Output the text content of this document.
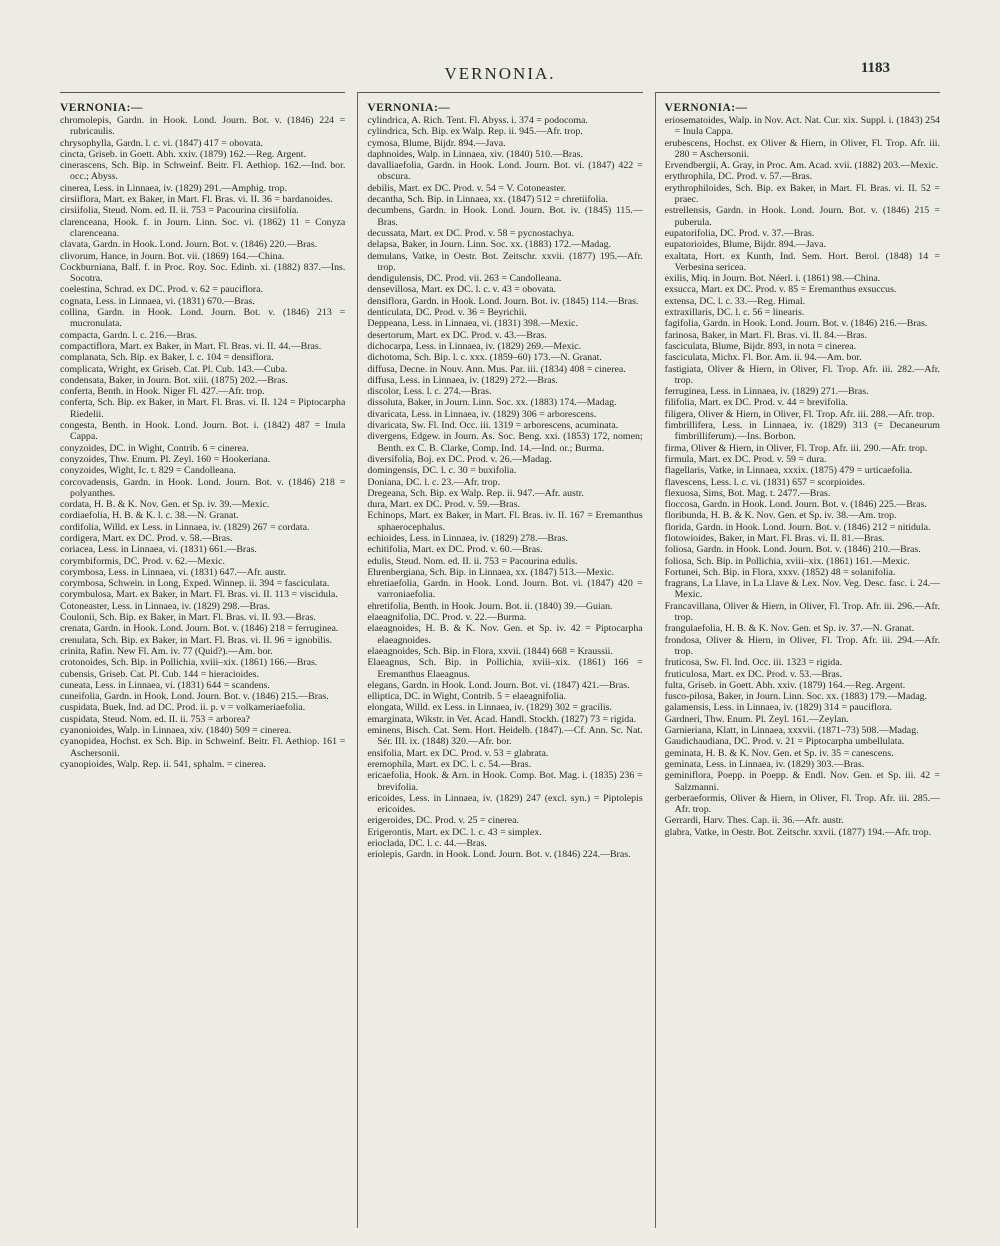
VERNONIA.	1183
VERNONIA:—

chromolepis, Gardn. in Hook. Lond. Journ. Bot. v. (1846) 224 = rubricaulis.

chrysophylla, Gardn. l. c. vi. (1847) 417 = obovata.

cincta, Griseb. in Goett. Abh. xxiv. (1879) 162.—Reg. Argent.

cinerascens, Sch. Bip. in Schweinf. Beitr. Fl. Aethiop. 162.—Ind. bor. occ.; Abyss.

cinerea, Less. in Linnaea, iv. (1829) 291.—Amphig. trop.

cirsiiflora, Mart. ex Baker, in Mart. Fl. Bras. vi. II. 36 = bardanoides.

cirsiifolia, Steud. Nom. ed. II. ii. 753 = Pacourina cirsiifolia.

clarenceana, Hook. f. in Journ. Linn. Soc. vi. (1862) 11 = Conyza clarenceana.

clavata, Gardn. in Hook. Lond. Journ. Bot. v. (1846) 220.—Bras.

clivorum, Hance, in Journ. Bot. vii. (1869) 164.—China.

Cockburniana, Balf. f. in Proc. Roy. Soc. Edinb. xi. (1882) 837.—Ins. Socotra.

coelestina, Schrad. ex DC. Prod. v. 62 = pauciflora.

cognata, Less. in Linnaea, vi. (1831) 670.—Bras.

collina, Gardn. in Hook. Lond. Journ. Bot. v. (1846) 213 = mucronulata.

compacta, Gardn. l. c. 216.—Bras.

compactiflora, Mart. ex Baker, in Mart. Fl. Bras. vi. II. 44.—Bras.

complanata, Sch. Bip. ex Baker, l. c. 104 = densiflora.

complicata, Wright, ex Griseb. Cat. Pl. Cub. 143.—Cuba.

condensata, Baker, in Journ. Bot. xiii. (1875) 202.—Bras.

conferta, Benth. in Hook. Niger Fl. 427.—Afr. trop.

conferta, Sch. Bip. ex Baker, in Mart. Fl. Bras. vi. II. 124 = Piptocarpha Riedelii.

congesta, Benth. in Hook. Lond. Journ. Bot. i. (1842) 487 = Inula Cappa.

conyzoides, DC. in Wight, Contrib. 6 = cinerea.

conyzoides, Thw. Enum. Pl. Zeyl. 160 = Hookeriana.

conyzoides, Wight, Ic. t. 829 = Candolleana.

corcovadensis, Gardn. in Hook. Lond. Journ. Bot. v. (1846) 218 = polyanthes.

cordata, H. B. & K. Nov. Gen. et Sp. iv. 39.—Mexic.

cordiaefolia, H. B. & K. l. c. 38.—N. Granat.

cordifolia, Willd. ex Less. in Linnaea, iv. (1829) 267 = cordata.

cordigera, Mart. ex DC. Prod. v. 58.—Bras.

coriacea, Less. in Linnaea, vi. (1831) 661.—Bras.

corymbiformis, DC. Prod. v. 62.—Mexic.

corymbosa, Less. in Linnaea, vi. (1831) 647.—Afr. austr.

corymbosa, Schwein. in Long, Exped. Winnep. ii. 394 = fasciculata.

corymbulosa, Mart. ex Baker, in Mart. Fl. Bras. vi. II. 113 = viscidula.

Cotoneaster, Less. in Linnaea, iv. (1829) 298.—Bras.

Coulonii, Sch. Bip. ex Baker, in Mart. Fl. Bras. vi. II. 93.—Bras.

crenata, Gardn. in Hook. Lond. Journ. Bot. v. (1846) 218 = ferruginea.

crenulata, Sch. Bip. ex Baker, in Mart. Fl. Bras. vi. II. 96 = ignobilis.

crinita, Rafin. New Fl. Am. iv. 77 (Quid?).—Am. bor.

crotonoides, Sch. Bip. in Pollichia, xviii–xix. (1861) 166.—Bras.

cubensis, Griseb. Cat. Pl. Cub. 144 = hieracioides.

cuneata, Less. in Linnaea, vi. (1831) 644 = scandens.

cuneifolia, Gardn. in Hook. Lond. Journ. Bot. v. (1846) 215.—Bras.

cuspidata, Buek, Ind. ad DC. Prod. ii. p. v = volkameriaefolia.

cuspidata, Steud. Nom. ed. II. ii. 753 = arborea?

cyanonioides, Walp. in Linnaea, xiv. (1840) 509 = cinerea.

cyanopidea, Hochst. ex Sch. Bip. in Schweinf. Beitr. Fl. Aethiop. 161 = Aschersonii.

cyanopioides, Walp. Rep. ii. 541, sphalm. = cinerea.

VERNONIA:—

cylindrica, A. Rich. Tent. Fl. Abyss. i. 374 = podocoma.

cylindrica, Sch. Bip. ex Walp. Rep. ii. 945.—Afr. trop.

cymosa, Blume, Bijdr. 894.—Java.

daphnoides, Walp. in Linnaea, xiv. (1840) 510.—Bras.

davalliaefolia, Gardn. in Hook. Lond. Journ. Bot. vi. (1847) 422 = obscura.

debilis, Mart. ex DC. Prod. v. 54 = V. Cotoneaster.

decantha, Sch. Bip. in Linnaea, xx. (1847) 512 = chretiifolia.

decumbens, Gardn. in Hook. Lond. Journ. Bot. iv. (1845) 115.—Bras.

decussata, Mart. ex DC. Prod. v. 58 = pycnostachya.

delapsa, Baker, in Journ. Linn. Soc. xx. (1883) 172.—Madag.

demulans, Vatke, in Oestr. Bot. Zeitschr. xxvii. (1877) 195.—Afr. trop.

dendigulensis, DC. Prod. vii. 263 = Candolleana.

densevillosa, Mart. ex DC. l. c. v. 43 = obovata.

densiflora, Gardn. in Hook. Lond. Journ. Bot. iv. (1845) 114.—Bras.

denticulata, DC. Prod. v. 36 = Beyrichii.

Deppeana, Less. in Linnaea, vi. (1831) 398.—Mexic.

desertorum, Mart. ex DC. Prod. v. 43.—Bras.

dichocarpa, Less. in Linnaea, iv. (1829) 269.—Mexic.

dichotoma, Sch. Bip. l. c. xxx. (1859–60) 173.—N. Granat.

diffusa, Decne. in Nouv. Ann. Mus. Par. iii. (1834) 408 = cinerea.

diffusa, Less. in Linnaea, iv. (1829) 272.—Bras.

discolor, Less. l. c. 274.—Bras.

dissoluta, Baker, in Journ. Linn. Soc. xx. (1883) 174.—Madag.

divaricata, Less. in Linnaea, iv. (1829) 306 = arborescens.

divaricata, Sw. Fl. Ind. Occ. iii. 1319 = arborescens, acuminata.

divergens, Edgew. in Journ. As. Soc. Beng. xxi. (1853) 172, nomen; Benth. ex C. B. Clarke, Comp. Ind. 14.—Ind. or.; Burma.

diversifolia, Boj. ex DC. Prod. v. 26.—Madag.

domingensis, DC. l. c. 30 = buxifolia.

Doniana, DC. l. c. 23.—Afr. trop.

Dregeana, Sch. Bip. ex Walp. Rep. ii. 947.—Afr. austr.

dura, Mart. ex DC. Prod. v. 59.—Bras.

Echinops, Mart. ex Baker, in Mart. Fl. Bras. iv. II. 167 = Eremanthus sphaerocephalus.

echioides, Less. in Linnaea, iv. (1829) 278.—Bras.

echitifolia, Mart. ex DC. Prod. v. 60.—Bras.

edulis, Steud. Nom. ed. II. ii. 753 = Pacourina edulis.

Ehrenbergiana, Sch. Bip. in Linnaea, xx. (1847) 513.—Mexic.

ehretiaefolia, Gardn. in Hook. Lond. Journ. Bot. vi. (1847) 420 = varroniaefolia.

ehretifolia, Benth. in Hook. Journ. Bot. ii. (1840) 39.—Guian.

elaeagnifolia, DC. Prod. v. 22.—Burma.

elaeagnoides, H. B. & K. Nov. Gen. et Sp. iv. 42 = Piptocarpha elaeagnoides.

elaeagnoides, Sch. Bip. in Flora, xxvii. (1844) 668 = Kraussii.

Elaeagnus, Sch. Bip. in Pollichia, xviii–xix. (1861) 166 = Eremanthus Elaeagnus.

elegans, Gardn. in Hook. Lond. Journ. Bot. vi. (1847) 421.—Bras.

elliptica, DC. in Wight, Contrib. 5 = elaeagnifolia.

elongata, Willd. ex Less. in Linnaea, iv. (1829) 302 = gracilis.

emarginata, Wikstr. in Vet. Acad. Handl. Stockh. (1827) 73 = rigida.

eminens, Bisch. Cat. Sem. Hort. Heidelb. (1847).—Cf. Ann. Sc. Nat. Sér. III. ix. (1848) 320.—Afr. bor.

ensifolia, Mart. ex DC. Prod. v. 53 = glabrata.

eremophila, Mart. ex DC. l. c. 54.—Bras.

ericaefolia, Hook. & Arn. in Hook. Comp. Bot. Mag. i. (1835) 236 = brevifolia.

ericoides, Less. in Linnaea, iv. (1829) 247 (excl. syn.) = Piptolepis ericoides.

erigeroides, DC. Prod. v. 25 = cinerea.

Erigerontis, Mart. ex DC. l. c. 43 = simplex.

erioclada, DC. l. c. 44.—Bras.

eriolepis, Gardn. in Hook. Lond. Journ. Bot. v. (1846) 224.—Bras.

VERNONIA:—

eriosematoides, Walp. in Nov. Act. Nat. Cur. xix. Suppl. i. (1843) 254 = Inula Cappa.

erubescens, Hochst. ex Oliver & Hiern, in Oliver, Fl. Trop. Afr. iii. 280 = Aschersonii.

Ervendbergii, A. Gray, in Proc. Am. Acad. xvii. (1882) 203.—Mexic.

erythrophila, DC. Prod. v. 57.—Bras.

erythrophiloides, Sch. Bip. ex Baker, in Mart. Fl. Bras. vi. II. 52 = praec.

estrellensis, Gardn. in Hook. Lond. Journ. Bot. v. (1846) 215 = puberula.

eupatorifolia, DC. Prod. v. 37.—Bras.

eupatorioides, Blume, Bijdr. 894.—Java.

exaltata, Hort. ex Kunth, Ind. Sem. Hort. Berol. (1848) 14 = Verbesina sericea.

exilis, Miq. in Journ. Bot. Néerl. i. (1861) 98.—China.

exsucca, Mart. ex DC. Prod. v. 85 = Eremanthus exsuccus.

extensa, DC. l. c. 33.—Reg. Himal.

extraxillaris, DC. l. c. 56 = linearis.

fagifolia, Gardn. in Hook. Lond. Journ. Bot. v. (1846) 216.—Bras.

farinosa, Baker, in Mart. Fl. Bras. vi. II. 84.—Bras.

fasciculata, Blume, Bijdr. 893, in nota = cinerea.

fasciculata, Michx. Fl. Bor. Am. ii. 94.—Am. bor.

fastigiata, Oliver & Hiern, in Oliver, Fl. Trop. Afr. iii. 282.—Afr. trop.

ferruginea, Less. in Linnaea, iv. (1829) 271.—Bras.

filifolia, Mart. ex DC. Prod. v. 44 = brevifolia.

filigera, Oliver & Hiern, in Oliver, Fl. Trop. Afr. iii. 288.—Afr. trop.

fimbrillifera, Less. in Linnaea, iv. (1829) 313 (= Decaneurum fimbrilliferum).—Ins. Borbon.

firma, Oliver & Hiern, in Oliver, Fl. Trop. Afr. iii. 290.—Afr. trop.

firmula, Mart. ex DC. Prod. v. 59 = dura.

flagellaris, Vatke, in Linnaea, xxxix. (1875) 479 = urticaefolia.

flavescens, Less. l. c. vi. (1831) 657 = scorpioides.

flexuosa, Sims, Bot. Mag. t. 2477.—Bras.

floccosa, Gardn. in Hook. Lond. Journ. Bot. v. (1846) 225.—Bras.

floribunda, H. B. & K. Nov. Gen. et Sp. iv. 38.—Am. trop.

florida, Gardn. in Hook. Lond. Journ. Bot. v. (1846) 212 = nitidula.

flotowioides, Baker, in Mart. Fl. Bras. vi. II. 81.—Bras.

foliosa, Gardn. in Hook. Lond. Journ. Bot. v. (1846) 210.—Bras.

foliosa, Sch. Bip. in Pollichia, xviii–xix. (1861) 161.—Mexic.

Fortunei, Sch. Bip. in Flora, xxxv. (1852) 48 = solanifolia.

fragrans, La Llave, in La Llave & Lex. Nov. Veg. Desc. fasc. i. 24.—Mexic.

Francavillana, Oliver & Hiern, in Oliver, Fl. Trop. Afr. iii. 296.—Afr. trop.

frangulaefolia, H. B. & K. Nov. Gen. et Sp. iv. 37.—N. Granat.

frondosa, Oliver & Hiern, in Oliver, Fl. Trop. Afr. iii. 294.—Afr. trop.

fruticosa, Sw. Fl. Ind. Occ. iii. 1323 = rigida.

fruticulosa, Mart. ex DC. Prod. v. 53.—Bras.

fulta, Griseb. in Goett. Abh. xxiv. (1879) 164.—Reg. Argent.

fusco-pilosa, Baker, in Journ. Linn. Soc. xx. (1883) 179.—Madag.

galamensis, Less. in Linnaea, iv. (1829) 314 = pauciflora.

Gardneri, Thw. Enum. Pl. Zeyl. 161.—Zeylan.

Garnieriana, Klatt, in Linnaea, xxxvii. (1871–73) 508.—Madag.

Gaudichaudiana, DC. Prod. v. 21 = Piptocarpha umbellulata.

geminata, H. B. & K. Nov. Gen. et Sp. iv. 35 = canescens.

geminata, Less. in Linnaea, iv. (1829) 303.—Bras.

geminiflora, Poepp. in Poepp. & Endl. Nov. Gen. et Sp. iii. 42 = Salzmanni.

gerberaeformis, Oliver & Hiern, in Oliver, Fl. Trop. Afr. iii. 285.—Afr. trop.

Gerrardi, Harv. Thes. Cap. ii. 36.—Afr. austr.

glabra, Vatke, in Oestr. Bot. Zeitschr. xxvii. (1877) 194.—Afr. trop.
